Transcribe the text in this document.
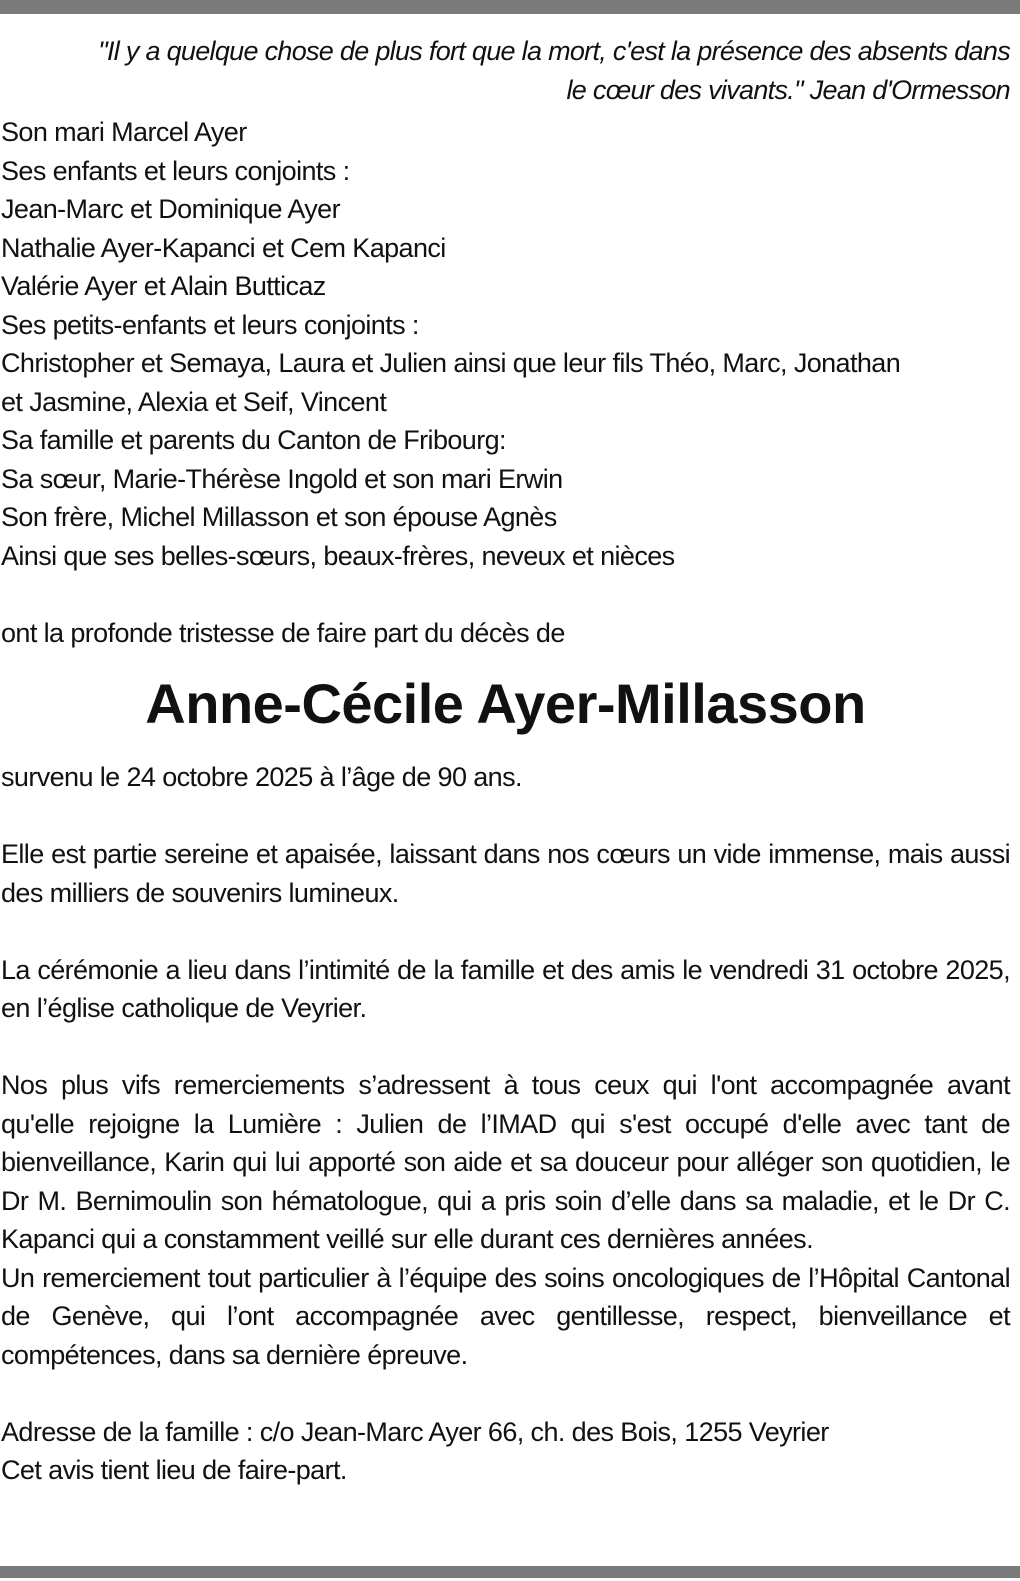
"Il y a quelque chose de plus fort que la mort, c'est la présence des absents dans
le cœur des vivants." Jean d'Ormesson
Son mari Marcel Ayer
Ses enfants et leurs conjoints :
Jean-Marc et Dominique Ayer
Nathalie Ayer-Kapanci et Cem Kapanci
Valérie Ayer et Alain Butticaz
Ses petits-enfants et leurs conjoints :
Christopher et Semaya, Laura et Julien ainsi que leur fils Théo, Marc, Jonathan
et Jasmine, Alexia et Seif, Vincent
Sa famille et parents du Canton de Fribourg:
Sa sœur, Marie-Thérèse Ingold et son mari Erwin
Son frère, Michel Millasson et son épouse Agnès
Ainsi que ses belles-sœurs, beaux-frères, neveux et nièces

ont la profonde tristesse de faire part du décès de

Anne-Cécile Ayer-Millasson

survenu le 24 octobre 2025 à l’âge de 90 ans.

Elle est partie sereine et apaisée, laissant dans nos cœurs un vide immense, mais aussi des milliers de souvenirs lumineux.

La cérémonie a lieu dans l’intimité de la famille et des amis le vendredi 31 octobre 2025, en l’église catholique de Veyrier.

Nos plus vifs remerciements s’adressent à tous ceux qui l'ont accompagnée avant qu'elle rejoigne la Lumière : Julien de l’IMAD qui s'est occupé d'elle avec tant de bienveillance, Karin qui lui apporté son aide et sa douceur pour alléger son quotidien, le Dr M. Bernimoulin son hématologue, qui a pris soin d’elle dans sa maladie, et le Dr C. Kapanci qui a constamment veillé sur elle durant ces dernières années.

Un remerciement tout particulier à l’équipe des soins oncologiques de l’Hôpital Cantonal de Genève, qui l’ont accompagnée avec gentillesse, respect, bienveillance et compétences, dans sa dernière épreuve.

Adresse de la famille : c/o Jean-Marc Ayer 66, ch. des Bois, 1255 Veyrier

Cet avis tient lieu de faire-part.
